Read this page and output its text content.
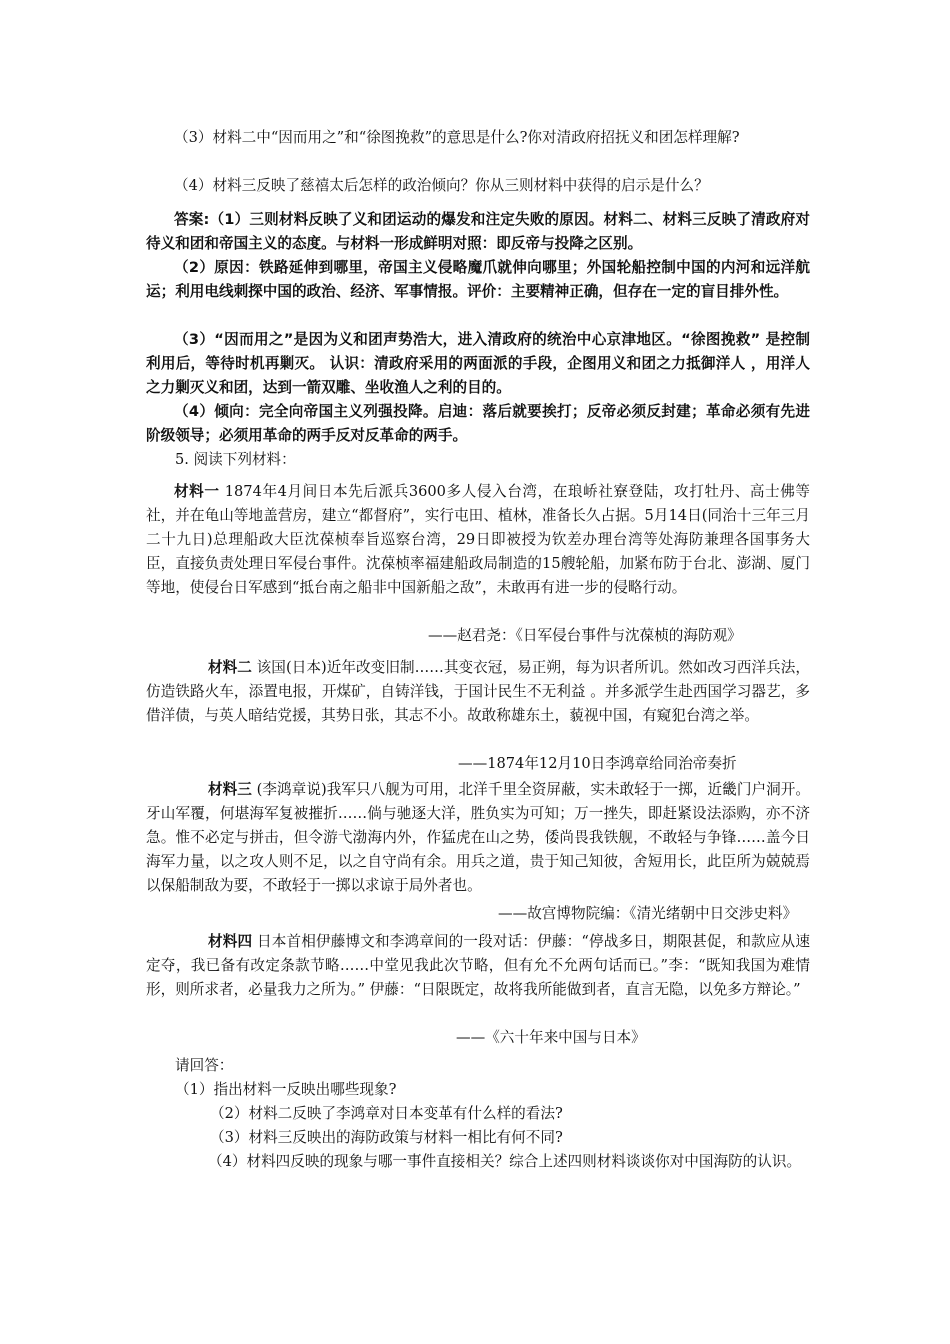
（3）材料二中“因而用之”和“徐图挽救”的意思是什么?你对清政府招抚义和团怎样理解?

（4）材料三反映了慈禧太后怎样的政治倾向？你从三则材料中获得的启示是什么？

答案:（1）三则材料反映了义和团运动的爆发和注定失败的原因。材料二、材料三反映了清政府对待义和团和帝国主义的态度。与材料一形成鲜明对照：即反帝与投降之区别。

（2）原因：铁路延伸到哪里，帝国主义侵略魔爪就伸向哪里；外国轮船控制中国的内河和远洋航运；利用电线刺探中国的政治、经济、军事情报。评价：主要精神正确，但存在一定的盲目排外性。

（3）“因而用之”是因为义和团声势浩大，进入清政府的统治中心京津地区。“徐图挽救” 是控制利用后，等待时机再剿灭。 认识：清政府采用的两面派的手段，企图用义和团之力抵御洋人 ，用洋人之力剿灭义和团，达到一箭双雕、坐收渔人之利的目的。

（4）倾向：完全向帝国主义列强投降。启迪：落后就要挨打；反帝必须反封建；革命必须有先进阶级领导；必须用革命的两手反对反革命的两手。

5. 阅读下列材料：

材料一 1874年4月间日本先后派兵3600多人侵入台湾，在琅峤社寮登陆，攻打牡丹、高士佛等社，并在龟山等地盖营房，建立“都督府”，实行屯田、植林，准备长久占据。5月14日(同治十三年三月二十九日)总理船政大臣沈葆桢奉旨巡察台湾，29日即被授为钦差办理台湾等处海防兼理各国事务大臣，直接负责处理日军侵台事件。沈葆桢率福建船政局制造的15艘轮船，加紧布防于台北、澎湖、厦门等地，使侵台日军感到“抵台南之船非中国新船之敌”，未敢再有进一步的侵略行动。

——赵君尧：《日军侵台事件与沈葆桢的海防观》

材料二 该国(日本)近年改变旧制……其变衣冠，易正朔，每为识者所讥。然如改习西洋兵法，仿造铁路火车，添置电报，开煤矿，自铸洋钱，于国计民生不无利益 。并多派学生赴西国学习器艺，多借洋债，与英人暗结党援，其势日张，其志不小。故敢称雄东土，藐视中国，有窥犯台湾之举。

——1874年12月10日李鸿章给同治帝奏折

材料三 (李鸿章说)我军只八舰为可用，北洋千里全资屏蔽，实未敢轻于一掷，近畿门户洞开。牙山军覆，何堪海军复被摧折……倘与驰逐大洋，胜负实为可知；万一挫失，即赶紧设法添购，亦不济急。惟不必定与拼击，但令游弋渤海内外，作猛虎在山之势，倭尚畏我铁舰，不敢轻与争锋……盖今日海军力量，以之攻人则不足，以之自守尚有余。用兵之道，贵于知己知彼，舍短用长，此臣所为兢兢焉以保船制敌为要，不敢轻于一掷以求谅于局外者也。

——故宫博物院编：《清光绪朝中日交涉史料》

材料四 日本首相伊藤博文和李鸿章间的一段对话：伊藤：“停战多日，期限甚促，和款应从速定夺，我已备有改定条款节略……中堂见我此次节略，但有允不允两句话而已。”李：“既知我国为难情形，则所求者，必量我力之所为。” 伊藤：“日限既定，故将我所能做到者，直言无隐，以免多方辩论。”

——《六十年来中国与日本》
请回答：
（1）指出材料一反映出哪些现象?
（2）材料二反映了李鸿章对日本变革有什么样的看法?
（3）材料三反映出的海防政策与材料一相比有何不同?

（4）材料四反映的现象与哪一事件直接相关？综合上述四则材料谈谈你对中国海防的认识。
